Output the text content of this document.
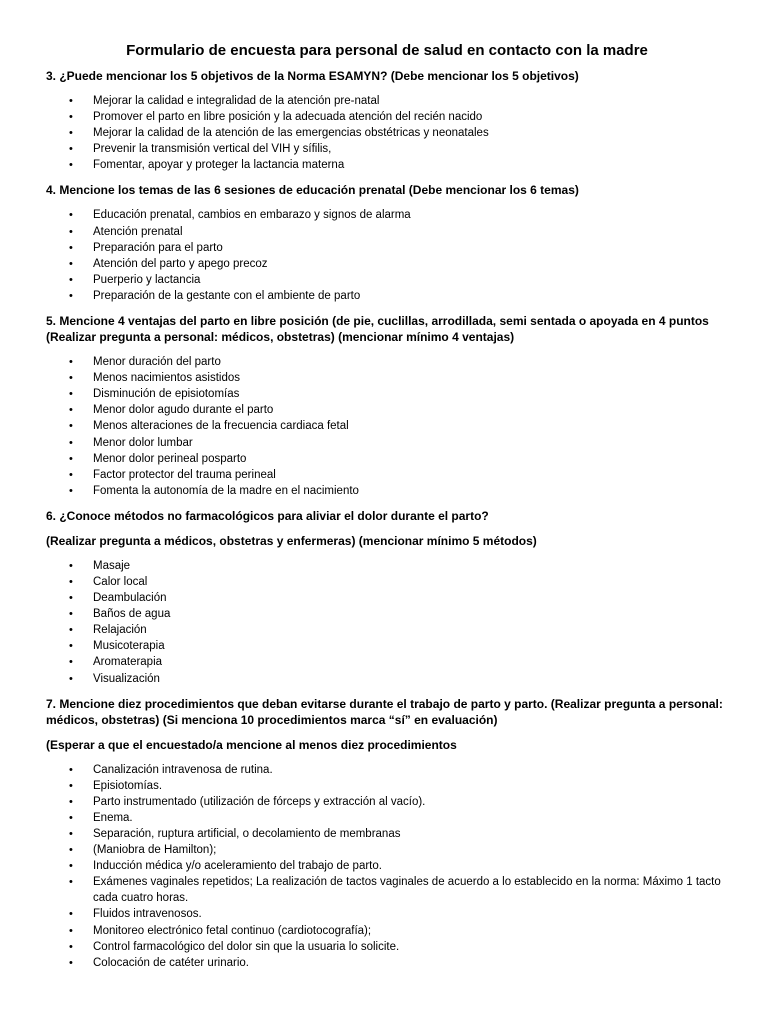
Formulario de encuesta para personal de salud en contacto con la madre

3. ¿Puede mencionar los 5 objetivos de la Norma ESAMYN? (Debe mencionar los 5 objetivos)

• Mejorar la calidad e integralidad de la atención pre-natal
• Promover el parto en libre posición y la adecuada atención del recién nacido
• Mejorar la calidad de la atención de las emergencias obstétricas y neonatales
• Prevenir la transmisión vertical del VIH y sífilis,
• Fomentar, apoyar y proteger la lactancia materna

4. Mencione los temas de las 6 sesiones de educación prenatal (Debe mencionar los 6 temas)

• Educación prenatal, cambios en embarazo y signos de alarma
• Atención prenatal
• Preparación para el parto
• Atención del parto y apego precoz
• Puerperio y lactancia
• Preparación de la gestante con el ambiente de parto

5. Mencione 4 ventajas del parto en libre posición (de pie, cuclillas, arrodillada, semi sentada o apoyada en 4 puntos (Realizar pregunta a personal: médicos, obstetras) (mencionar mínimo 4 ventajas)

• Menor duración del parto
• Menos nacimientos asistidos
• Disminución de episiotomías
• Menor dolor agudo durante el parto
• Menos alteraciones de la frecuencia cardiaca fetal
• Menor dolor lumbar
• Menor dolor perineal posparto
• Factor protector del trauma perineal
• Fomenta la autonomía de la madre en el nacimiento

6. ¿Conoce métodos no farmacológicos para aliviar el dolor durante el parto?

(Realizar pregunta a médicos, obstetras y enfermeras) (mencionar mínimo 5 métodos)

• Masaje
• Calor local
• Deambulación
• Baños de agua
• Relajación
• Musicoterapia
• Aromaterapia
• Visualización

7. Mencione diez procedimientos que deban evitarse durante el trabajo de parto y parto. (Realizar pregunta a personal: médicos, obstetras) (Si menciona 10 procedimientos marca “sí” en evaluación)

(Esperar a que el encuestado/a mencione al menos diez procedimientos

• Canalización intravenosa de rutina.
• Episiotomías.
• Parto instrumentado (utilización de fórceps y extracción al vacío).
• Enema.
• Separación, ruptura artificial, o decolamiento de membranas
• (Maniobra de Hamilton);
• Inducción médica y/o aceleramiento del trabajo de parto.
• Exámenes vaginales repetidos; La realización de tactos vaginales de acuerdo a lo establecido en la norma: Máximo 1 tacto cada cuatro horas.
• Fluidos intravenosos.
• Monitoreo electrónico fetal continuo (cardiotocografía);
• Control farmacológico del dolor sin que la usuaria lo solicite.
• Colocación de catéter urinario.
